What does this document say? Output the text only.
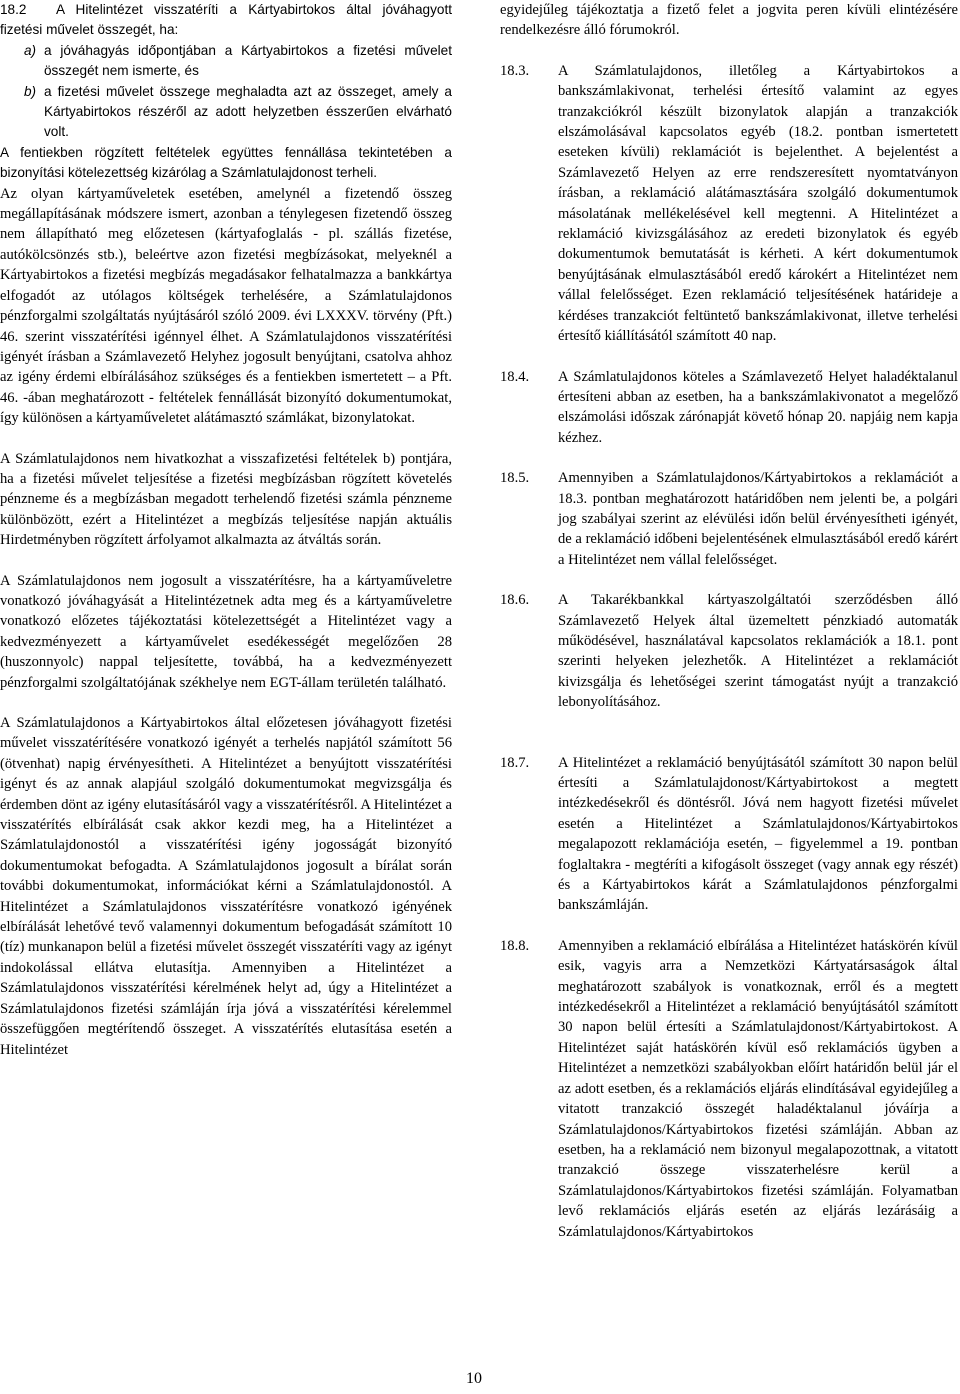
18.2 A Hitelintézet visszatéríti a Kártyabirtokos által jóváhagyott fizetési művelet összegét, ha:
a) a jóváhagyás időpontjában a Kártyabirtokos a fizetési művelet összegét nem ismerte, és
b) a fizetési művelet összege meghaladta azt az összeget, amely a Kártyabirtokos részéről az adott helyzetben ésszerűen elvárható volt.

A fentiekben rögzített feltételek együttes fennállása tekintetében a bizonyítási kötelezettség kizárólag a Számlatulajdonost terheli.

Az olyan kártyaműveletek esetében, amelynél a fizetendő összeg megállapításának módszere ismert, azonban a ténylegesen fizetendő összeg nem állapítható meg előzetesen (kártyafoglalás - pl. szállás fizetése, autókölcsönzés stb.), beleértve azon fizetési megbízásokat, melyeknél a Kártyabirtokos a fizetési megbízás megadásakor felhatalmazza a bankkártya elfogadót az utólagos költségek terhelésére, a Számlatulajdonos pénzforgalmi szolgáltatás nyújtásáról szóló 2009. évi LXXXV. törvény (Pft.) 46. szerint visszatérítési igénnyel élhet. A Számlatulajdonos visszatérítési igényét írásban a Számlavezető Helyhez jogosult benyújtani, csatolva ahhoz az igény érdemi elbírálásához szükséges és a fentiekben ismertetett – a Pft. 46. -ában meghatározott - feltételek fennállását bizonyító dokumentumokat, így különösen a kártyaműveletet alátámasztó számlákat, bizonylatokat.

A Számlatulajdonos nem hivatkozhat a visszafizetési feltételek b) pontjára, ha a fizetési művelet teljesítése a fizetési megbízásban rögzített követelés pénzneme és a megbízásban megadott terhelendő fizetési számla pénzneme különbözött, ezért a Hitelintézet a megbízás teljesítése napján aktuális Hirdetményben rögzített árfolyamot alkalmazta az átváltás során.

A Számlatulajdonos nem jogosult a visszatérítésre, ha a kártyaműveletre vonatkozó jóváhagyását a Hitelintézetnek adta meg és a kártyaműveletre vonatkozó előzetes tájékoztatási kötelezettségét a Hitelintézet vagy a kedvezményezett a kártyaművelet esedékességét megelőzően 28 (huszonnyolc) nappal teljesítette, továbbá, ha a kedvezményezett pénzforgalmi szolgáltatójának székhelye nem EGT-állam területén található.

A Számlatulajdonos a Kártyabirtokos által előzetesen jóváhagyott fizetési művelet visszatérítésére vonatkozó igényét a terhelés napjától számított 56 (ötvenhat) napig érvényesítheti. A Hitelintézet a benyújtott visszatérítési igényt és az annak alapjául szolgáló dokumentumokat megvizsgálja és érdemben dönt az igény elutasításáról vagy a visszatérítésről. A Hitelintézet a visszatérítés elbírálását csak akkor kezdi meg, ha a Hitelintézet a Számlatulajdonostól a visszatérítési igény jogosságát bizonyító dokumentumokat befogadta. A Számlatulajdonos jogosult a bírálat során további dokumentumokat, információkat kérni a Számlatulajdonostól. A Hitelintézet a Számlatulajdonos visszatérítésre vonatkozó igényének elbírálását lehetővé tevő valamennyi dokumentum befogadását számított 10 (tíz) munkanapon belül a fizetési művelet összegét visszatéríti vagy az igényt indokolással ellátva elutasítja. Amennyiben a Hitelintézet a Számlatulajdonos visszatérítési kérelmének helyt ad, úgy a Hitelintézet a Számlatulajdonos fizetési számláján írja jóvá a visszatérítési kérelemmel összefüggően megtérítendő összeget. A visszatérítés elutasítása esetén a Hitelintézet

10

egyidejűleg tájékoztatja a fizető felet a jogvita peren kívüli elintézésére rendelkezésre álló fórumokról.

18.3. A Számlatulajdonos, illetőleg a Kártyabirtokos a bankszámlakivonat, terhelési értesítő valamint az egyes tranzakciókról készült bizonylatok alapján a tranzakciók elszámolásával kapcsolatos egyéb (18.2. pontban ismertetett eseteken kívüli) reklamációt is bejelenthet. A bejelentést a Számlavezető Helyen az erre rendszeresített nyomtatványon írásban, a reklamáció alátámasztására szolgáló dokumentumok másolatának mellékelésével kell megtenni. A Hitelintézet a reklamáció kivizsgálásához az eredeti bizonylatok és egyéb dokumentumok bemutatását is kérheti. A kért dokumentumok benyújtásának elmulasztásából eredő károkért a Hitelintézet nem vállal felelősséget. Ezen reklamáció teljesítésének határideje a kérdéses tranzakciót feltüntető bankszámlakivonat, illetve terhelési értesítő kiállításától számított 40 nap.
18.4. A Számlatulajdonos köteles a Számlavezető Helyet haladéktalanul értesíteni abban az esetben, ha a bankszámlakivonatot a megelőző elszámolási időszak zárónapját követő hónap 20. napjáig nem kapja kézhez.
18.5. Amennyiben a Számlatulajdonos/Kártyabirtokos a reklamációt a 18.3. pontban meghatározott határidőben nem jelenti be, a polgári jog szabályai szerint az elévülési időn belül érvényesítheti igényét, de a reklamáció időbeni bejelentésének elmulasztásából eredő kárért a Hitelintézet nem vállal felelősséget.
18.6. A Takarékbankkal kártyaszolgáltatói szerződésben álló Számlavezető Helyek által üzemeltett pénzkiadó automaták működésével, használatával kapcsolatos reklamációk a 18.1. pont szerinti helyeken jelezhetők. A Hitelintézet a reklamációt kivizsgálja és lehetőségei szerint támogatást nyújt a tranzakció lebonyolításához.
18.7. A Hitelintézet a reklamáció benyújtásától számított 30 napon belül értesíti a Számlatulajdonost/Kártyabirtokost a megtett intézkedésekről és döntésről. Jóvá nem hagyott fizetési művelet esetén a Hitelintézet a Számlatulajdonos/Kártyabirtokos megalapozott reklamációja esetén, – figyelemmel a 19. pontban foglaltakra - megtéríti a kifogásolt összeget (vagy annak egy részét) és a Kártyabirtokos kárát a Számlatulajdonos pénzforgalmi bankszámláján.
18.8. Amennyiben a reklamáció elbírálása a Hitelintézet hatáskörén kívül esik, vagyis arra a Nemzetközi Kártyatársaságok által meghatározott szabályok is vonatkoznak, erről és a megtett intézkedésekről a Hitelintézet a reklamáció benyújtásától számított 30 napon belül értesíti a Számlatulajdonost/Kártyabirtokost. A Hitelintézet saját hatáskörén kívül eső reklamációs ügyben a Hitelintézet a nemzetközi szabályokban előírt határidőn belül jár el az adott esetben, és a reklamációs eljárás elindításával egyidejűleg a vitatott tranzakció összegét haladéktalanul jóváírja a Számlatulajdonos/Kártyabirtokos fizetési számláján. Abban az esetben, ha a reklamáció nem bizonyul megalapozottnak, a vitatott tranzakció összege visszaterhelésre kerül a Számlatulajdonos/Kártyabirtokos fizetési számláján. Folyamatban levő reklamációs eljárás esetén az eljárás lezárásáig a Számlatulajdonos/Kártyabirtokos
